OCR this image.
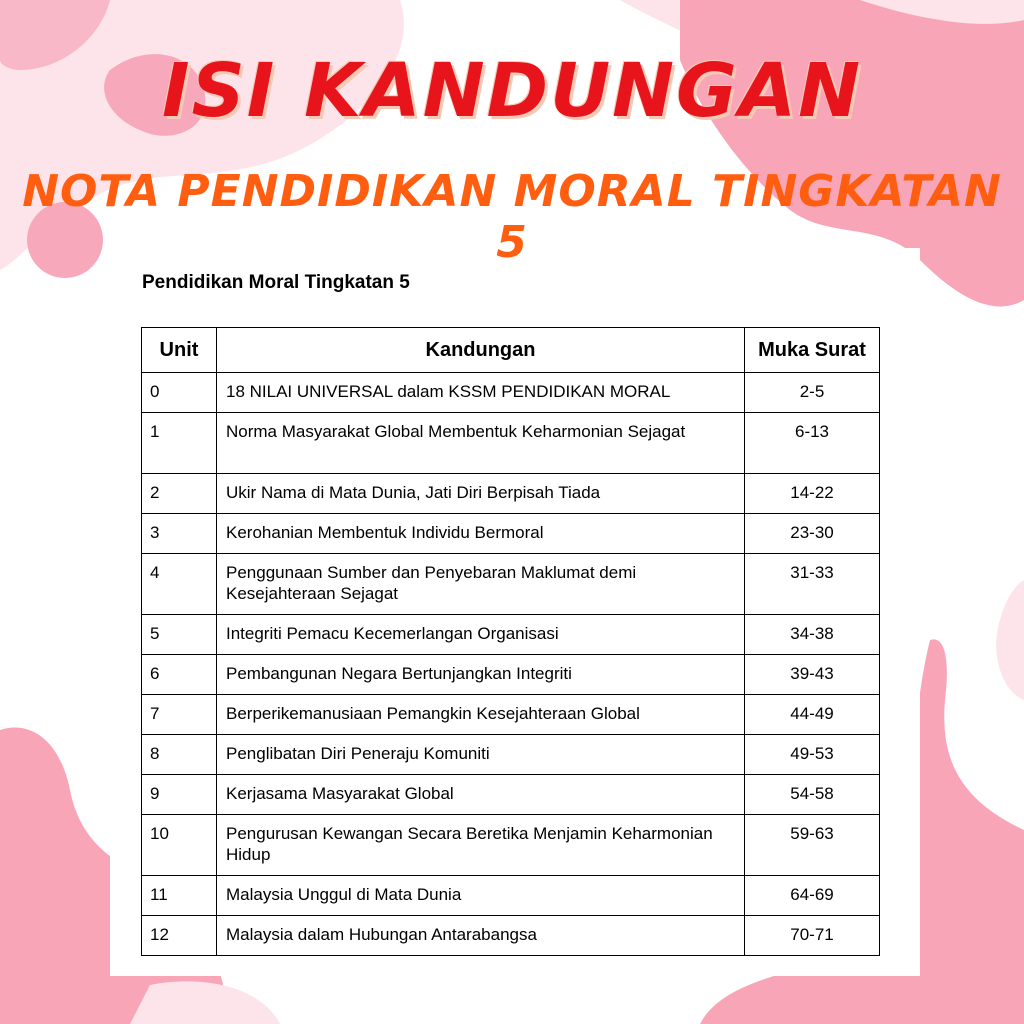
ISI KANDUNGAN
NOTA PENDIDIKAN MORAL TINGKATAN 5
Pendidikan Moral Tingkatan 5
Unit	Kandungan	Muka Surat
0	18 NILAI UNIVERSAL dalam KSSM PENDIDIKAN MORAL	2-5
1	Norma Masyarakat Global Membentuk Keharmonian Sejagat	6-13
2	Ukir Nama di Mata Dunia, Jati Diri Berpisah Tiada	14-22
3	Kerohanian Membentuk Individu Bermoral	23-30
4	Penggunaan Sumber dan Penyebaran Maklumat demi Kesejahteraan Sejagat	31-33
5	Integriti Pemacu Kecemerlangan Organisasi	34-38
6	Pembangunan Negara Bertunjangkan Integriti	39-43
7	Berperikemanusiaan Pemangkin Kesejahteraan Global	44-49
8	Penglibatan Diri Peneraju Komuniti	49-53
9	Kerjasama Masyarakat Global	54-58
10	Pengurusan Kewangan Secara Beretika Menjamin Keharmonian Hidup	59-63
11	Malaysia Unggul di Mata Dunia	64-69
12	Malaysia dalam Hubungan Antarabangsa	70-71
